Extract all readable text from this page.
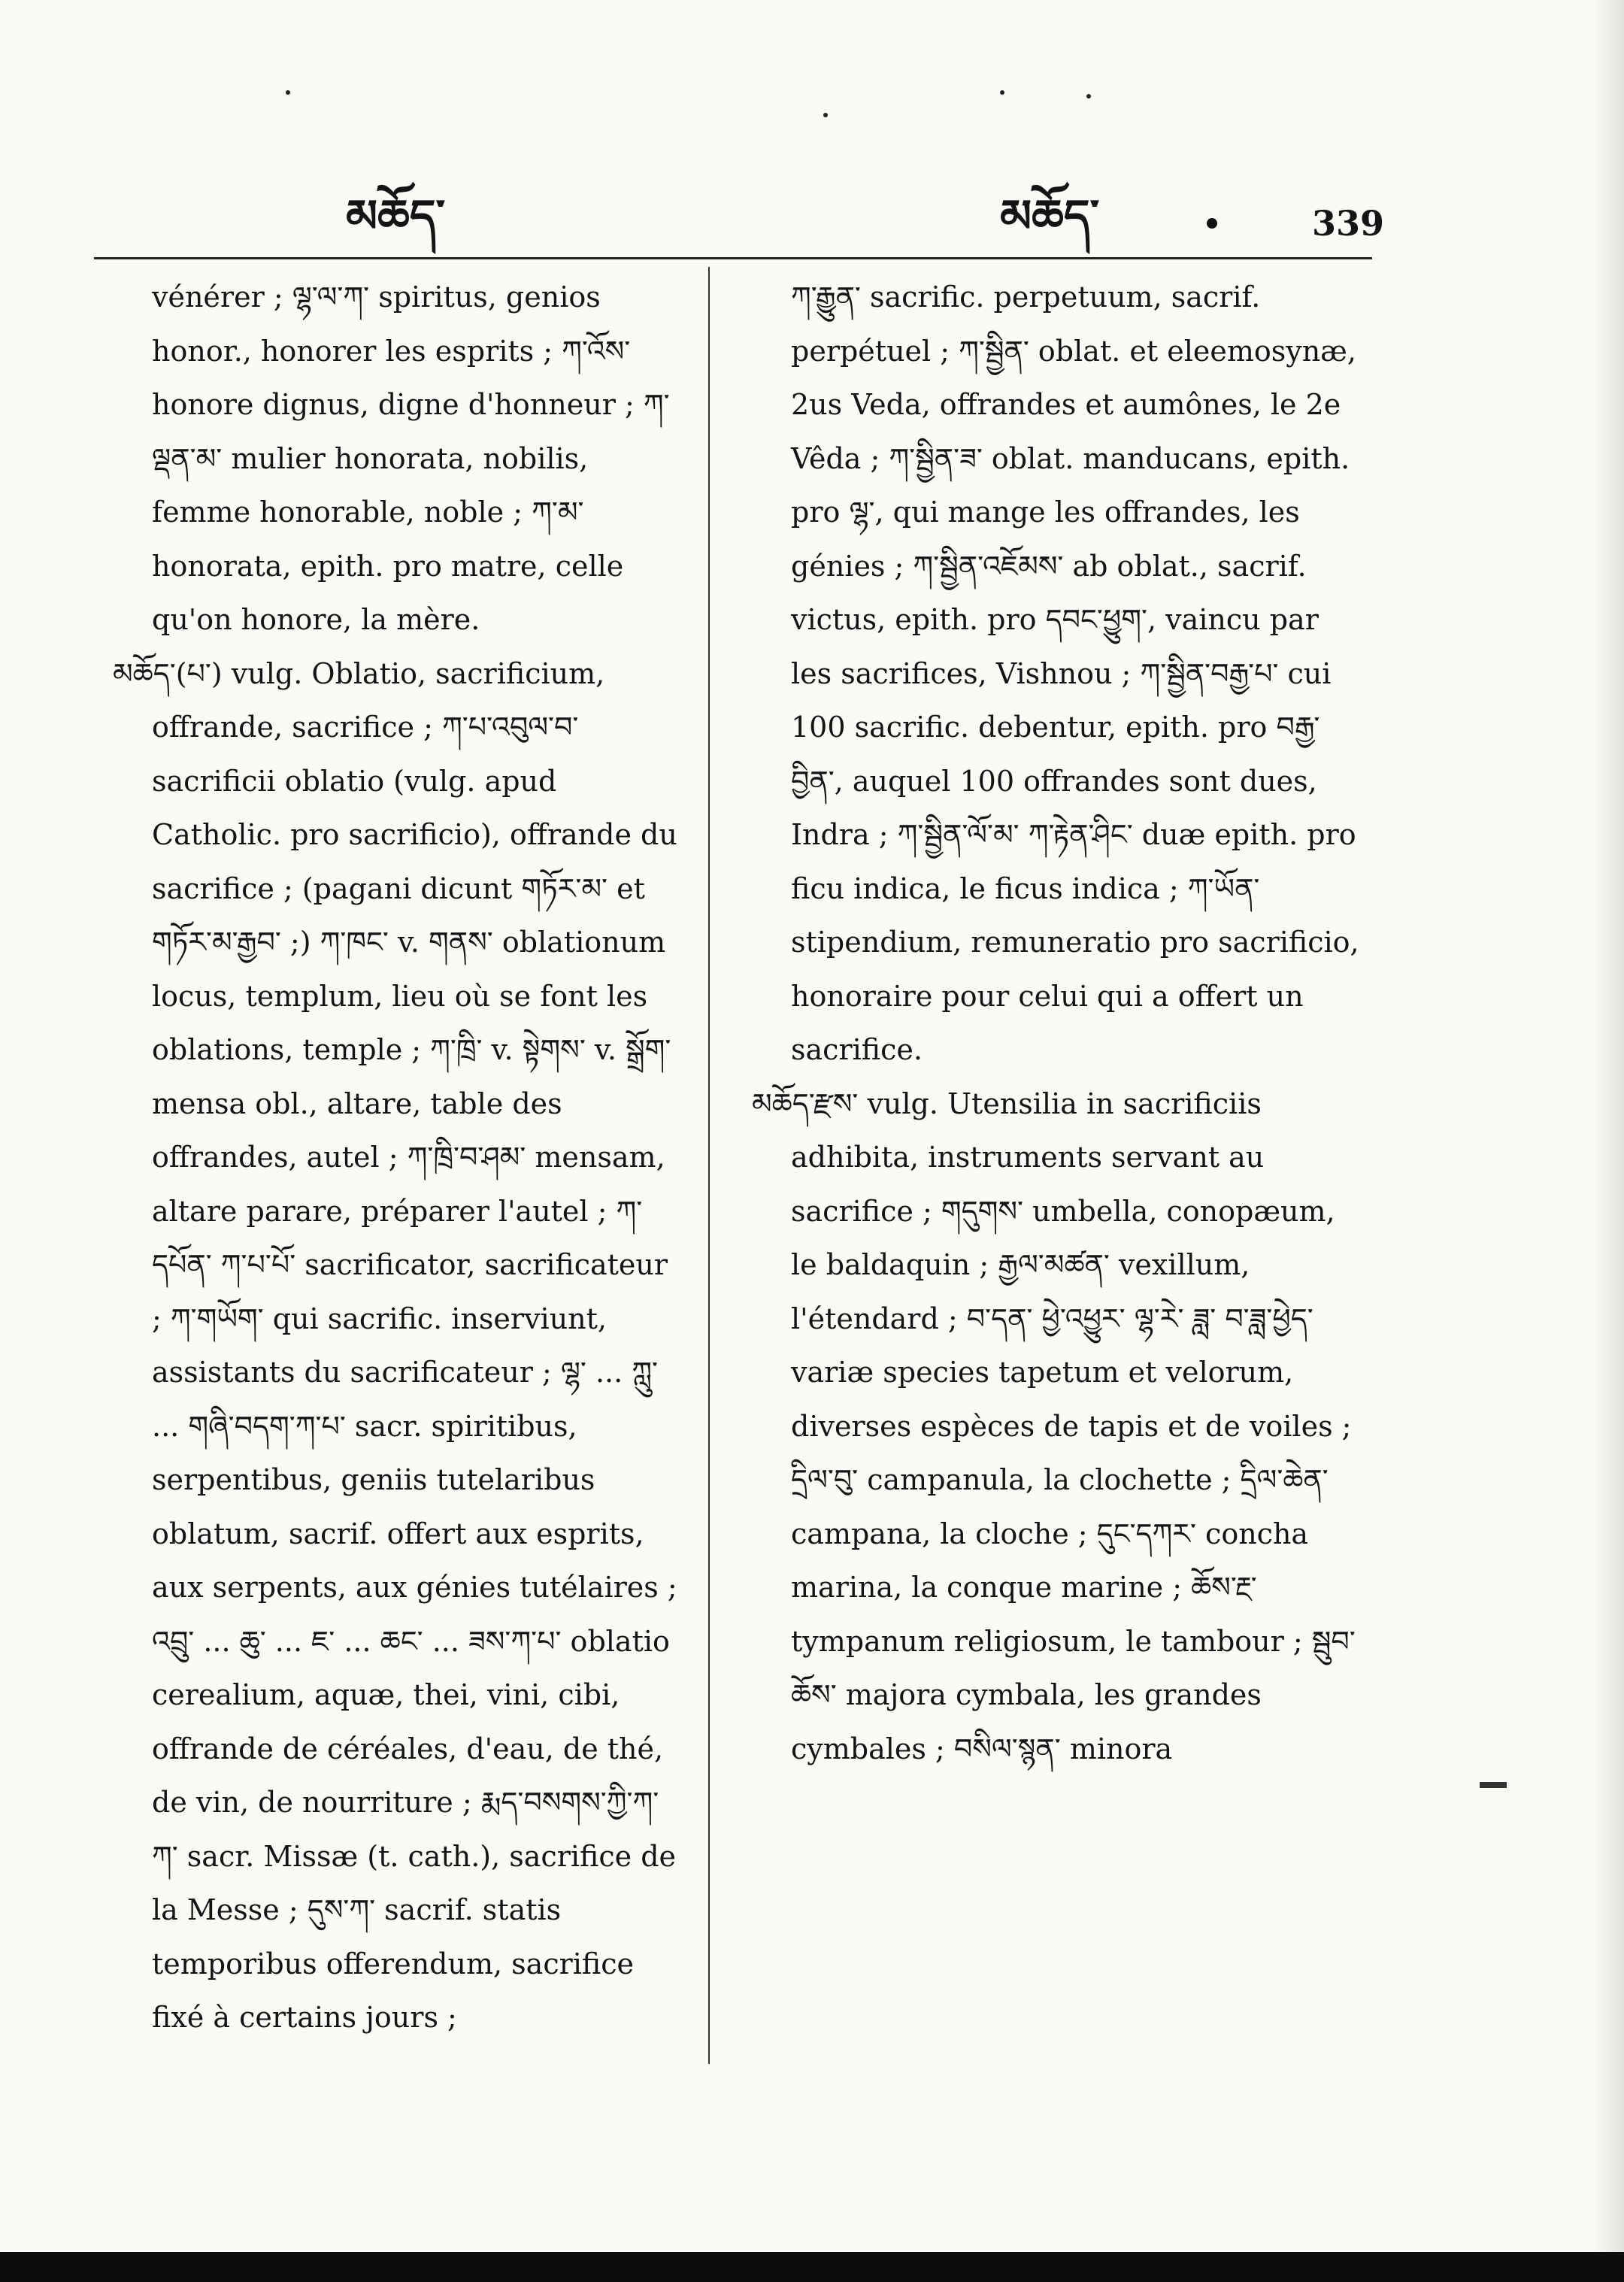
མཆོད་	མཆོད་	339
vénérer ; ལྷ་ལ་ཀ་ spiritus, genios honor., honorer les esprits ; ཀ་འོས་ honore dignus, digne d'honneur ; ཀ་ལྡན་མ་ mulier honorata, nobilis, femme honorable, noble ; ཀ་མ་ honorata, epith. pro matre, celle qu'on honore, la mère.
མཆོད་(པ་) vulg. Oblatio, sacrificium, offrande, sacrifice ; ཀ་པ་འབུལ་བ་ sacrificii oblatio (vulg. apud Catholic. pro sacrificio), offrande du sacrifice ; (pagani dicunt གཏོར་མ་ et གཏོར་མ་རྒྱབ་ ;) ཀ་ཁང་ v. གནས་ oblationum locus, templum, lieu où se font les oblations, temple ; ཀ་ཁྲི་ v. སྟེགས་ v. སྒྲོག་ mensa obl., altare, table des offrandes, autel ; ཀ་ཁྲི་བ་ཤམ་ mensam, altare parare, préparer l'autel ; ཀ་དཔོན་ ཀ་པ་པོ་ sacrificator, sacrificateur ; ཀ་གཡོག་ qui sacrific. inserviunt, assistants du sacrificateur ; ལྷ་ ... ཀླུ་ ... གཞི་བདག་ཀ་པ་ sacr. spiritibus, serpentibus, geniis tutelaribus oblatum, sacrif. offert aux esprits, aux serpents, aux génies tutélaires ; འབྲུ་ ... ཆུ་ ... ཇ་ ... ཆང་ ... ཟས་ཀ་པ་ oblatio cerealium, aquæ, thei, vini, cibi, offrande de céréales, d'eau, de thé, de vin, de nourriture ; རྨད་བསགས་ཀྱི་ཀ་ཀ་ sacr. Missæ (t. cath.), sacrifice de la Messe ; དུས་ཀ་ sacrif. statis temporibus offerendum, sacrifice fixé à certains jours ;
ཀ་རྒྱུན་ sacrific. perpetuum, sacrif. perpétuel ; ཀ་སྦྱིན་ oblat. et eleemosynæ, 2us Veda, offrandes et aumônes, le 2e Vêda ; ཀ་སྦྱིན་ཟ་ oblat. manducans, epith. pro ལྷ་, qui mange les offrandes, les génies ; ཀ་སྦྱིན་འཇོམས་ ab oblat., sacrif. victus, epith. pro དབང་ཕྱུག་, vaincu par les sacrifices, Vishnou ; ཀ་སྦྱིན་བརྒྱ་པ་ cui 100 sacrific. debentur, epith. pro བརྒྱ་བྱིན་, auquel 100 offrandes sont dues, Indra ; ཀ་སྦྱིན་ལོ་མ་ ཀ་རྟེན་ཤིང་ duæ epith. pro ficu indica, le ficus indica ; ཀ་ཡོན་ stipendium, remuneratio pro sacrificio, honoraire pour celui qui a offert un sacrifice.
མཆོད་རྫས་ vulg. Utensilia in sacrificiis adhibita, instruments servant au sacrifice ; གདུགས་ umbella, conopæum, le baldaquin ; རྒྱལ་མཚན་ vexillum, l'étendard ; བ་དན་ ཕྱེ་འཕྱུར་ ལྷ་རེ་ ཟླ་ བ་ཟླ་ཕྱེད་ variæ species tapetum et velorum, diverses espèces de tapis et de voiles ; དྲིལ་བུ་ campanula, la clochette ; དྲིལ་ཆེན་ campana, la cloche ; དུང་དཀར་ concha marina, la conque marine ; ཆོས་རྔ་ tympanum religiosum, le tambour ; སྦུབ་ཆོས་ majora cymbala, les grandes cymbales ; བསིལ་སྙན་ minora
